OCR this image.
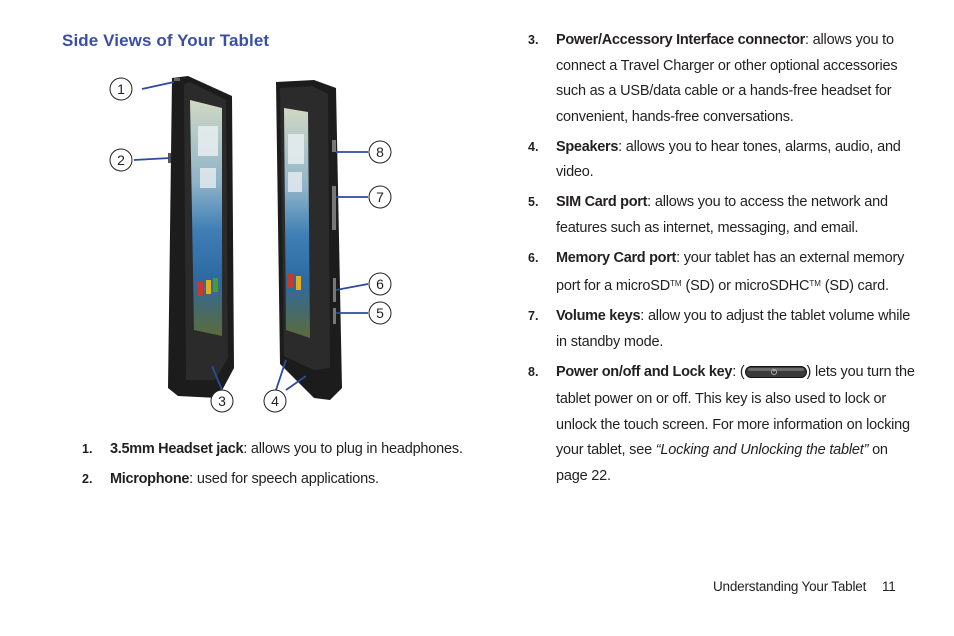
Side Views of Your Tablet
1
2
3	4
5
6
7
8
1. 3.5mm Headset jack: allows you to plug in headphones.
2. Microphone: used for speech applications.
3. Power/Accessory Interface connector: allows you to connect a Travel Charger or other optional accessories such as a USB/data cable or a hands-free headset for convenient, hands-free conversations.
4. Speakers: allows you to hear tones, alarms, audio, and video.
5. SIM Card port: allows you to access the network and features such as internet, messaging, and email.
6. Memory Card port: your tablet has an external memory port for a microSD™ (SD) or microSDHC™ (SD) card.
7. Volume keys: allow you to adjust the tablet volume while in standby mode.
8. Power on/off and Lock key: (	) lets you turn the tablet power on or off. This key is also used to lock or unlock the touch screen. For more information on locking your tablet, see “Locking and Unlocking the tablet” on page 22.
Understanding Your Tablet 11
